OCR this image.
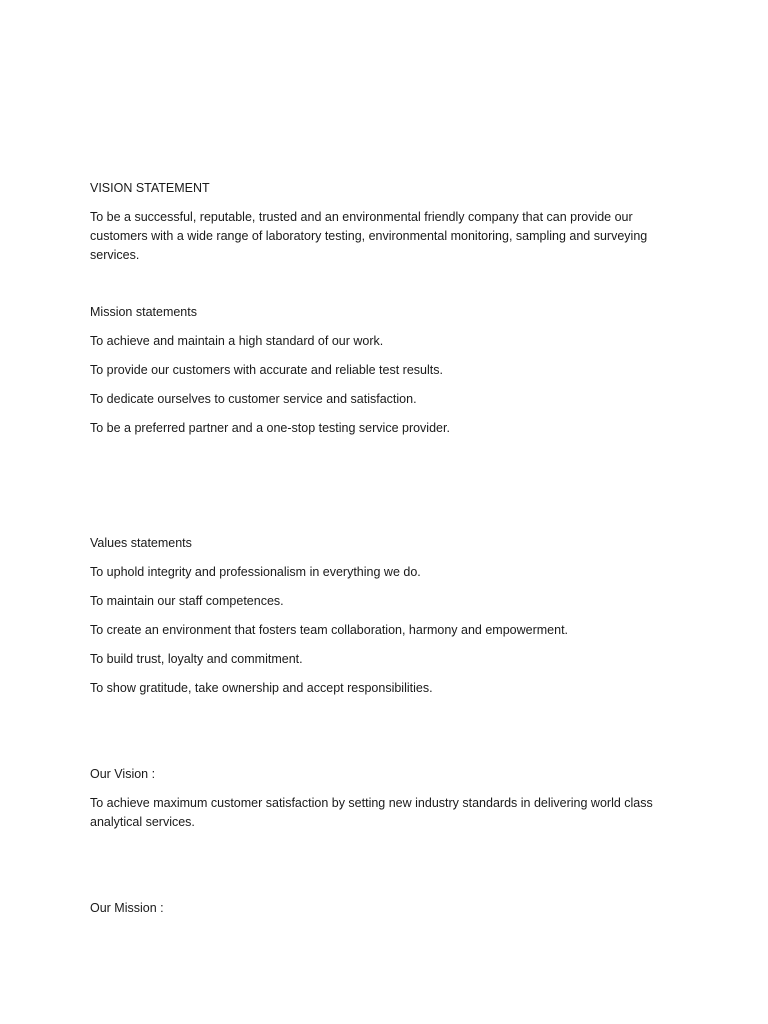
VISION STATEMENT

To be a successful, reputable, trusted and an environmental friendly company that can provide our customers with a wide range of laboratory testing, environmental monitoring, sampling and surveying services.

Mission statements

To achieve and maintain a high standard of our work.

To provide our customers with accurate and reliable test results.

To dedicate ourselves to customer service and satisfaction.

To be a preferred partner and a one-stop testing service provider.

Values statements

To uphold integrity and professionalism in everything we do.

To maintain our staff competences.

To create an environment that fosters team collaboration, harmony and empowerment.

To build trust, loyalty and commitment.

To show gratitude, take ownership and accept responsibilities.

Our Vision :

To achieve maximum customer satisfaction by setting new industry standards in delivering world class analytical services.

Our Mission :
